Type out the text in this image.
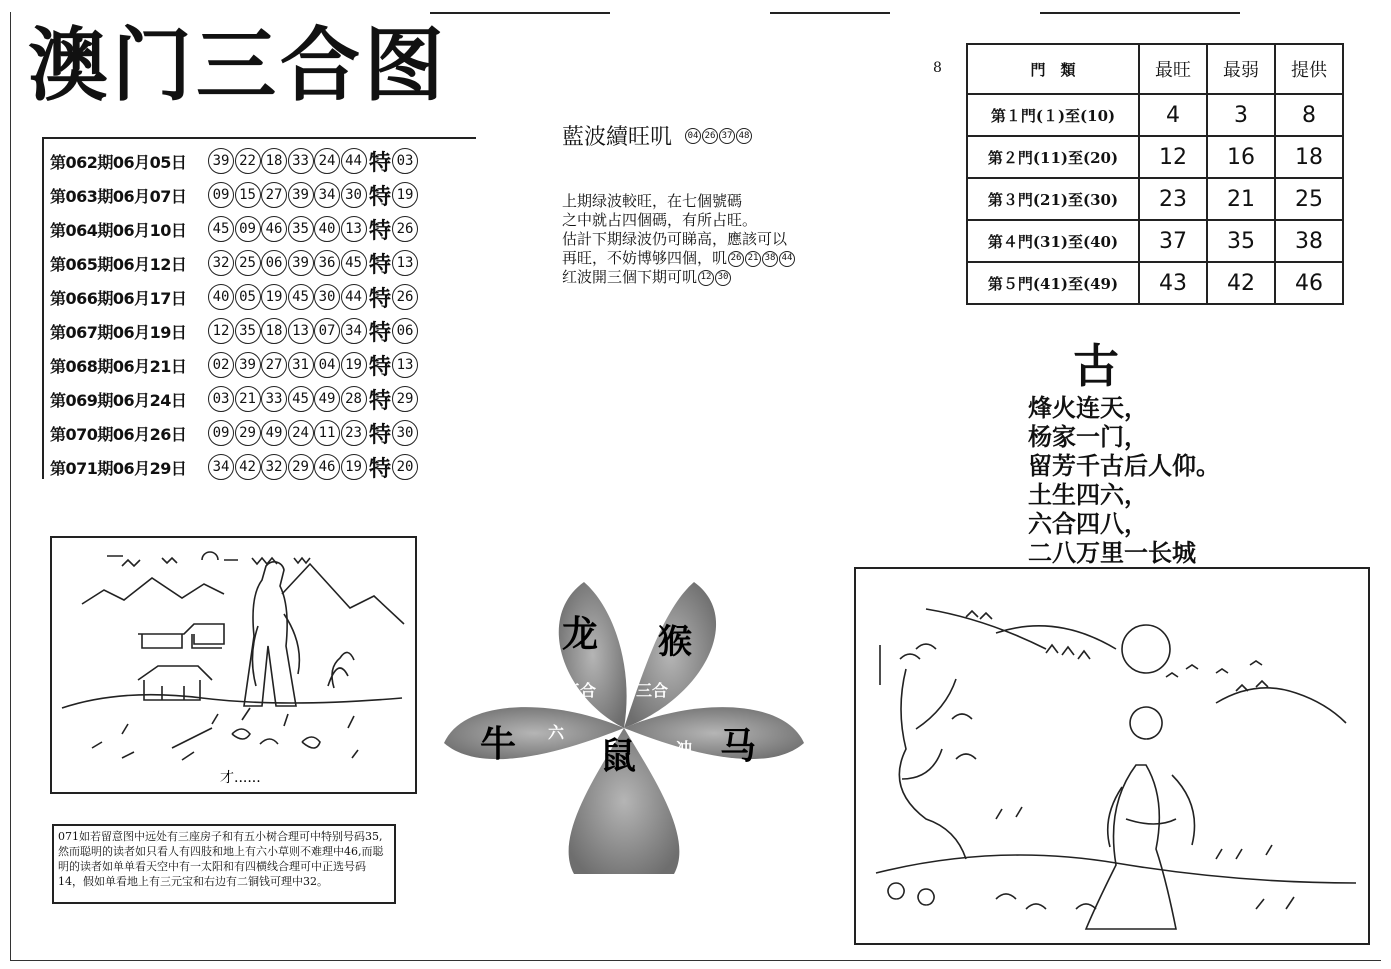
澳门三合图
第062期06月05日	39 22 18 33 24 44 特 03
第063期06月07日	09 15 27 39 34 30 特 19
第064期06月10日	45 09 46 35 40 13 特 26
第065期06月12日	32 25 06 39 36 45 特 13
第066期06月17日	40 05 19 45 30 44 特 26
第067期06月19日	12 35 18 13 07 34 特 06
第068期06月21日	02 39 27 31 04 19 特 13
第069期06月24日	03 21 33 45 49 28 特 29
第070期06月26日	09 29 49 24 11 23 特 30
第071期06月29日	34 42 32 29 46 19 特 20
藍波續旺叽 04 26 37 48
上期绿波較旺，在七個號碼
之中就占四個碼，有所占旺。
估計下期绿波仍可睇高，應該可以
再旺，不妨博够四個，叽 26 21 38 44
红波開三個下期可叽 12 30
8	門　類	最旺	最弱	提供
第１門(１)至(10)	4	3	8
第２門(11)至(20)	12	16	18
第３門(21)至(30)	23	21	25
第４門(31)至(40)	37	35	38
第５門(41)至(49)	43	42	46
古
烽火连天，
杨家一门，
留芳千古后人仰。
土生四六，
六合四八，
二八万里一长城
才......
071如若留意图中远处有三座房子和有五小树合理可中特别号码35,然而聪明的读者如只看人有四肢和地上有六小草则不难理中46,而聪明的读者如单单看天空中有一太阳和有四横线合理可中正选号码14，假如单看地上有三元宝和右边有二铜钱可理中32。
龙 猴
牛 鼠 马
三合 三合
六
合
冲
